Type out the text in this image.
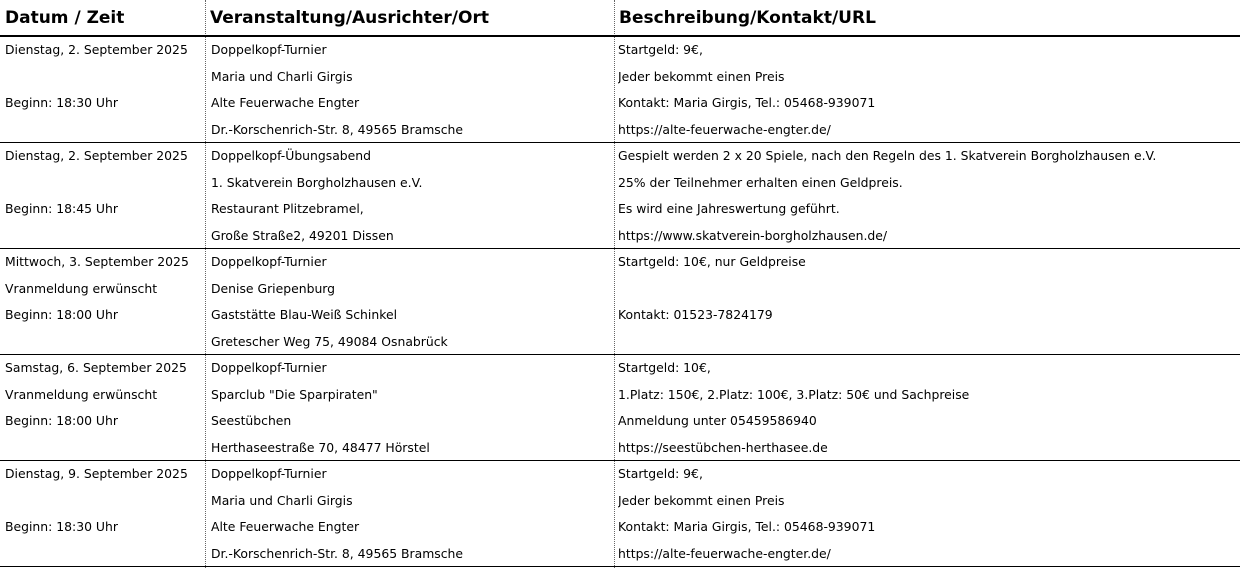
Datum / Zeit	Veranstaltung/Ausrichter/Ort	Beschreibung/Kontakt/URL
Dienstag, 2. September 2025
Beginn: 18:30 Uhr
Doppelkopf-Turnier
Maria und Charli Girgis
Alte Feuerwache Engter
Dr.-Korschenrich-Str. 8, 49565 Bramsche
Startgeld: 9€,
Jeder bekommt einen Preis
Kontakt: Maria Girgis, Tel.: 05468-939071
https://alte-feuerwache-engter.de/
Dienstag, 2. September 2025
Beginn: 18:45 Uhr
Doppelkopf-Übungsabend
1. Skatverein Borgholzhausen e.V.
Restaurant Plitzebramel,
Große Straße2, 49201 Dissen
Gespielt werden 2 x 20 Spiele, nach den Regeln des 1. Skatverein Borgholzhausen e.V.
25% der Teilnehmer erhalten einen Geldpreis.
Es wird eine Jahreswertung geführt.
https://www.skatverein-borgholzhausen.de/
Mittwoch, 3. September 2025
Vranmeldung erwünscht
Beginn: 18:00 Uhr
Doppelkopf-Turnier
Denise Griepenburg
Gaststätte Blau-Weiß Schinkel
Gretescher Weg 75, 49084 Osnabrück
Startgeld: 10€, nur Geldpreise
Kontakt: 01523-7824179
Samstag, 6. September 2025
Vranmeldung erwünscht
Beginn: 18:00 Uhr
Doppelkopf-Turnier
Sparclub "Die Sparpiraten"
Seestübchen
Herthaseestraße 70, 48477 Hörstel
Startgeld: 10€,
1.Platz: 150€, 2.Platz: 100€, 3.Platz: 50€ und Sachpreise
Anmeldung unter 05459586940
https://seestübchen-herthasee.de
Dienstag, 9. September 2025
Beginn: 18:30 Uhr
Doppelkopf-Turnier
Maria und Charli Girgis
Alte Feuerwache Engter
Dr.-Korschenrich-Str. 8, 49565 Bramsche
Startgeld: 9€,
Jeder bekommt einen Preis
Kontakt: Maria Girgis, Tel.: 05468-939071
https://alte-feuerwache-engter.de/
